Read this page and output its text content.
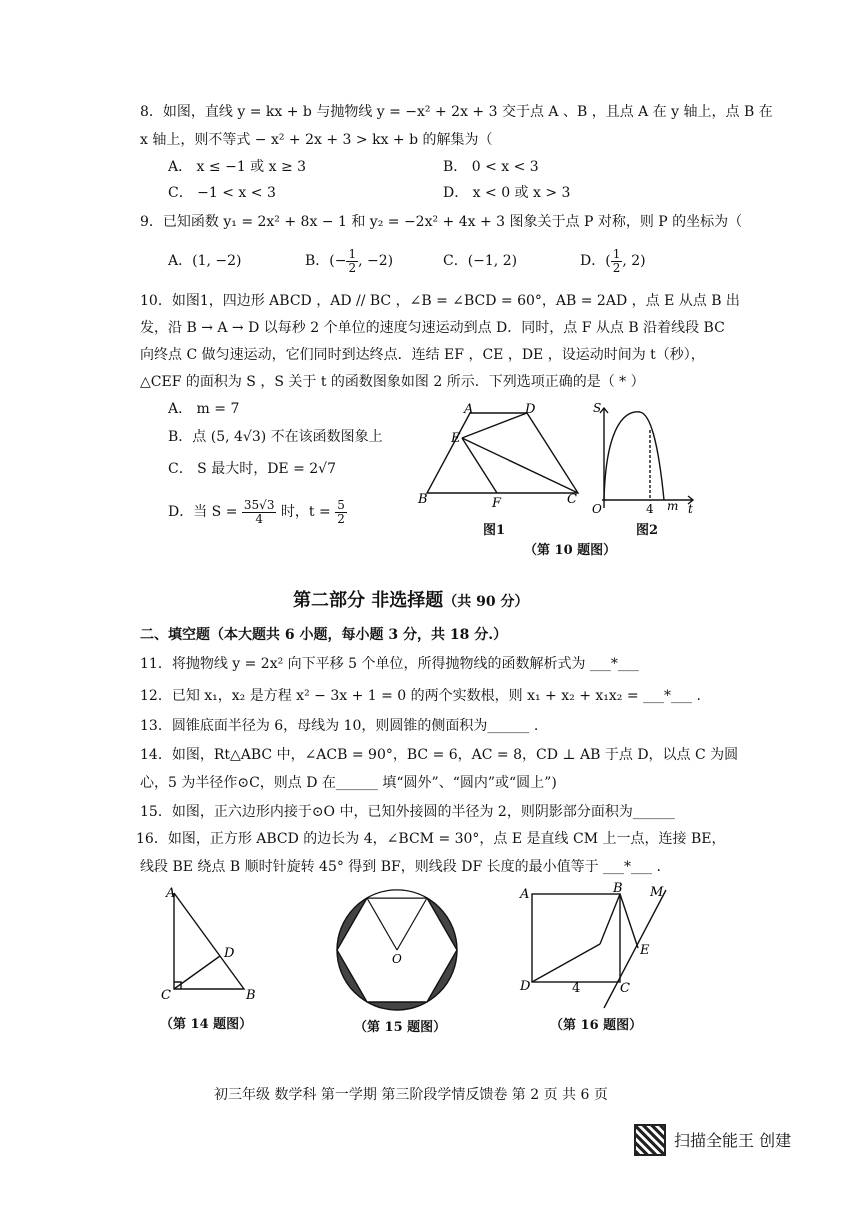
8．如图，直线 y = kx + b 与抛物线 y = −x² + 2x + 3 交于点 A 、B ，且点 A 在 y 轴上，点 B 在
x 轴上，则不等式 − x² + 2x + 3 > kx + b 的解集为（
A． x ≤ −1 或 x ≥ 3	B． 0 < x < 3
C． −1 < x < 3	D． x < 0 或 x > 3
9．已知函数 y₁ = 2x² + 8x − 1 和 y₂ = −2x² + 4x + 3 图象关于点 P 对称，则 P 的坐标为（
A．(1, −2)	B．(− $\frac{1}{2}$ , −2)	C．(−1, 2)	D．( $\frac{1}{2}$ , 2)
10．如图1，四边形 ABCD ，AD // BC ，∠B = ∠BCD = 60°，AB = 2AD ，点 E 从点 B 出
发，沿 B → A → D 以每秒 2 个单位的速度匀速运动到点 D．同时，点 F 从点 B 沿着线段 BC
向终点 C 做匀速运动，它们同时到达终点．连结 EF ，CE ，DE ，设运动时间为 t（秒），
△CEF 的面积为 S ，S 关于 t 的函数图象如图 2 所示．下列选项正确的是（ * ）
A． m = 7
B．点 (5, 4√3) 不在该函数图象上
C． S 最大时，DE = 2√7
D．当 $S = \frac{35√3}{4}$ 时，$t = \frac{5}{2}$
A	D
E
B	F	C
图1
S
O	4 m t
图2
（第 10 题图）
第二部分 非选择题（共 90 分）
二、填空题（本大题共 6 小题，每小题 3 分，共 18 分.）
11．将抛物线 y = 2x² 向下平移 5 个单位，所得抛物线的函数解析式为 ___*___
12．已知 x₁，x₂ 是方程 x² − 3x + 1 = 0 的两个实数根，则 x₁ + x₂ + x₁x₂ = ___*___ .
13．圆锥底面半径为 6，母线为 10，则圆锥的侧面积为______ .
14．如图，Rt△ABC 中，∠ACB = 90°，BC = 6，AC = 8，CD ⊥ AB 于点 D，以点 C 为圆
心，5 为半径作⊙C，则点 D 在______ 填“圆外”、“圆内”或“圆上”)
15．如图，正六边形内接于⊙O 中，已知外接圆的半径为 2，则阴影部分面积为______
16．如图，正方形 ABCD 的边长为 4，∠BCM = 30°，点 E 是直线 CM 上一点，连接 BE，
线段 BE 绕点 B 顺时针旋转 45° 得到 BF，则线段 DF 长度的最小值等于 ___*___ .
A
D
C	B
（第 14 题图）
O
（第 15 题图）
A	B M
E
D	C
4
（第 16 题图）
初三年级 数学科 第一学期 第三阶段学情反馈卷 第 2 页 共 6 页
扫描全能王 创建
